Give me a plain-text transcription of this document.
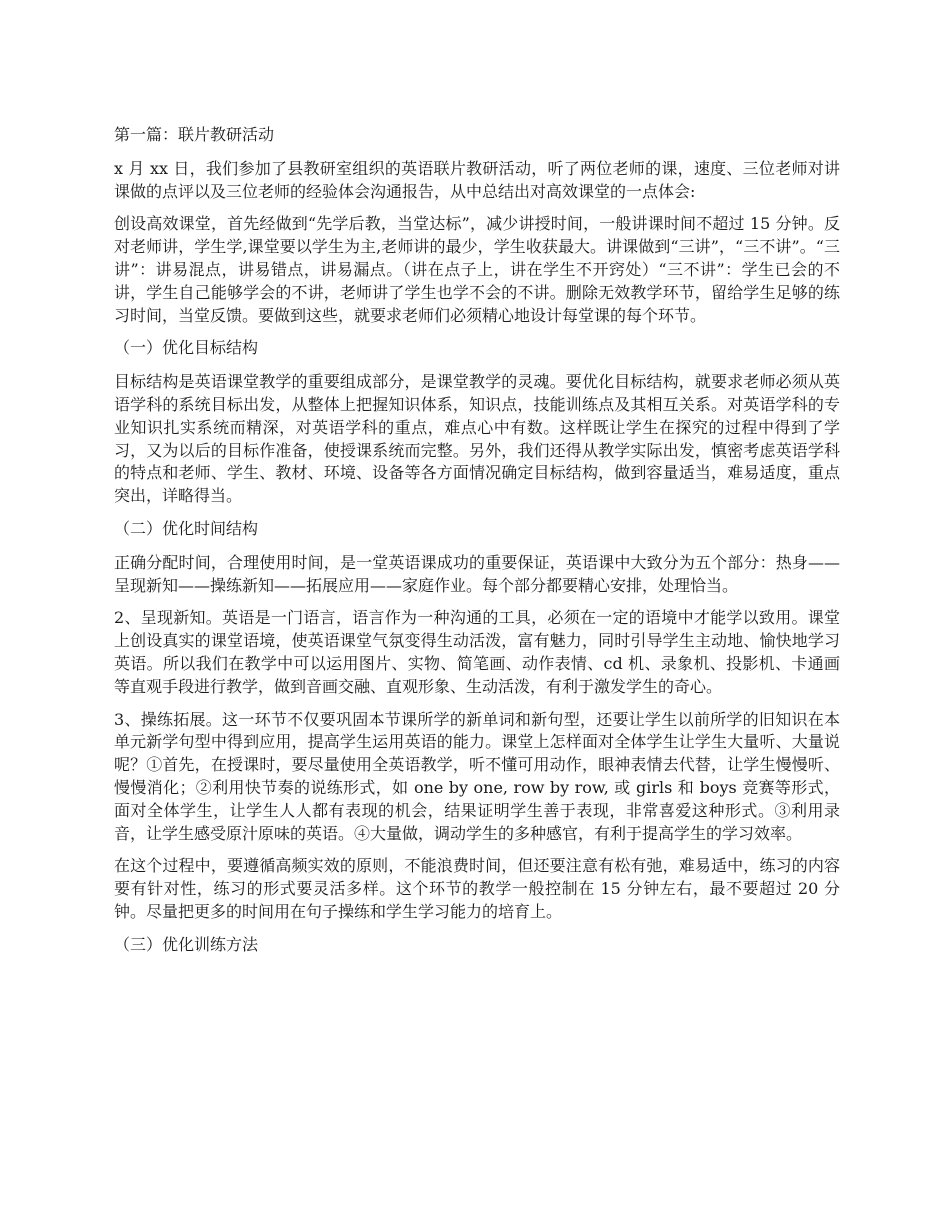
第一篇：联片教研活动

x 月 xx 日，我们参加了县教研室组织的英语联片教研活动，听了两位老师的课，速度、三位老师对讲课做的点评以及三位老师的经验体会沟通报告，从中总结出对高效课堂的一点体会:

创设高效课堂，首先经做到“先学后教，当堂达标”，减少讲授时间，一般讲课时间不超过 15 分钟。反对老师讲，学生学,课堂要以学生为主,老师讲的最少，学生收获最大。讲课做到“三讲”，“三不讲”。“三讲”：讲易混点，讲易错点，讲易漏点。（讲在点子上，讲在学生不开窍处）“三不讲”：学生已会的不讲，学生自己能够学会的不讲，老师讲了学生也学不会的不讲。删除无效教学环节，留给学生足够的练习时间，当堂反馈。要做到这些，就要求老师们必须精心地设计每堂课的每个环节。

（一）优化目标结构

目标结构是英语课堂教学的重要组成部分，是课堂教学的灵魂。要优化目标结构，就要求老师必须从英语学科的系统目标出发，从整体上把握知识体系，知识点，技能训练点及其相互关系。对英语学科的专业知识扎实系统而精深，对英语学科的重点，难点心中有数。这样既让学生在探究的过程中得到了学习，又为以后的目标作准备，使授课系统而完整。另外，我们还得从教学实际出发，慎密考虑英语学科的特点和老师、学生、教材、环境、设备等各方面情况确定目标结构，做到容量适当，难易适度，重点突出，详略得当。

（二）优化时间结构

正确分配时间，合理使用时间，是一堂英语课成功的重要保证，英语课中大致分为五个部分：热身——呈现新知——操练新知——拓展应用——家庭作业。每个部分都要精心安排，处理恰当。

2、呈现新知。英语是一门语言，语言作为一种沟通的工具，必须在一定的语境中才能学以致用。课堂上创设真实的课堂语境，使英语课堂气氛变得生动活泼，富有魅力，同时引导学生主动地、愉快地学习英语。所以我们在教学中可以运用图片、实物、简笔画、动作表情、cd 机、录象机、投影机、卡通画等直观手段进行教学，做到音画交融、直观形象、生动活泼，有利于激发学生的奇心。

3、操练拓展。这一环节不仅要巩固本节课所学的新单词和新句型，还要让学生以前所学的旧知识在本单元新学句型中得到应用，提高学生运用英语的能力。课堂上怎样面对全体学生让学生大量听、大量说呢？①首先，在授课时，要尽量使用全英语教学，听不懂可用动作，眼神表情去代替，让学生慢慢听、慢慢消化；②利用快节奏的说练形式，如 one by one, row by row, 或 girls 和 boys 竞赛等形式，面对全体学生，让学生人人都有表现的机会，结果证明学生善于表现，非常喜爱这种形式。③利用录音，让学生感受原汁原味的英语。④大量做，调动学生的多种感官，有利于提高学生的学习效率。

在这个过程中，要遵循高频实效的原则，不能浪费时间，但还要注意有松有弛，难易适中，练习的内容要有针对性，练习的形式要灵活多样。这个环节的教学一般控制在 15 分钟左右，最不要超过 20 分钟。尽量把更多的时间用在句子操练和学生学习能力的培育上。

（三）优化训练方法
